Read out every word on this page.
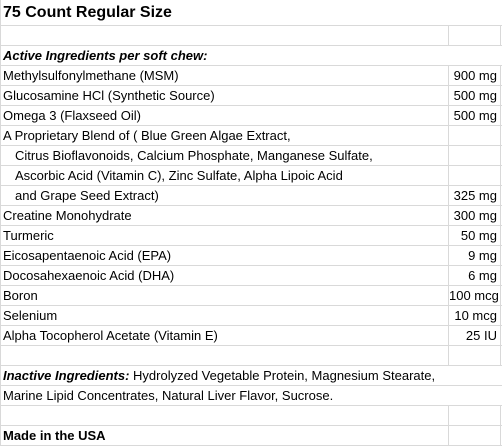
75 Count Regular Size
Active Ingredients per soft chew:
Methylsulfonylmethane (MSM)	900 mg
Glucosamine HCl (Synthetic Source)	500 mg
Omega 3 (Flaxseed Oil)	500 mg
A Proprietary Blend of ( Blue Green Algae Extract,
Citrus Bioflavonoids, Calcium Phosphate, Manganese Sulfate,
Ascorbic Acid (Vitamin C), Zinc Sulfate, Alpha Lipoic Acid
and Grape Seed Extract)	325 mg
Creatine Monohydrate	300 mg
Turmeric	50 mg
Eicosapentaenoic Acid (EPA)	9 mg
Docosahexaenoic Acid (DHA)	6 mg
Boron	100 mcg
Selenium	10 mcg
Alpha Tocopherol Acetate (Vitamin E)	25 IU
Inactive Ingredients: Hydrolyzed Vegetable Protein, Magnesium Stearate,
Marine Lipid Concentrates, Natural Liver Flavor, Sucrose.
Made in the USA
